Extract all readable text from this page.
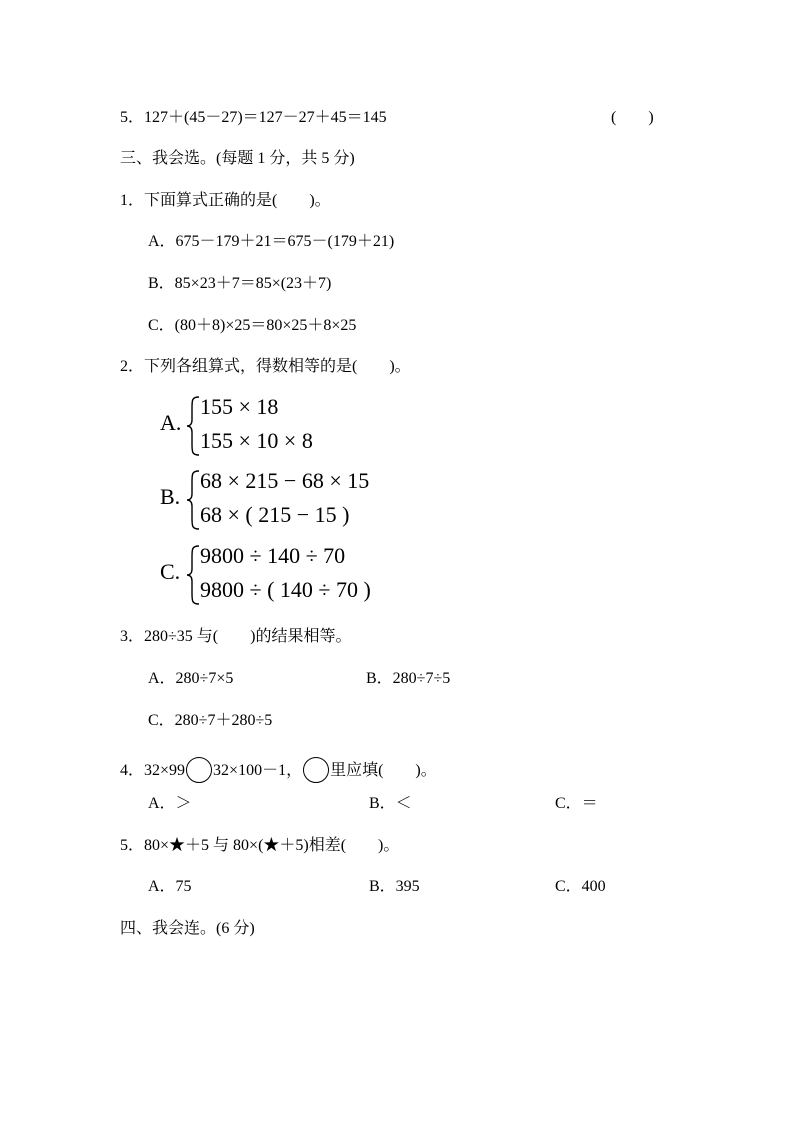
5．127＋(45－27)＝127－27＋45＝145	(　　)
三、我会选。(每题 1 分，共 5 分)
1．下面算式正确的是(　　)。
A．675－179＋21＝675－(179＋21)
B．85×23＋7＝85×(23＋7)
C．(80＋8)×25＝80×25＋8×25
2．下列各组算式，得数相等的是(　　)。
A.
155 × 18
155 × 10 × 8
B.
68 × 215 − 68 × 15
68 × ( 215 − 15 )
C.
9800 ÷ 140 ÷ 70
9800 ÷ ( 140 ÷ 70 )
3．280÷35 与(　　)的结果相等。
A．280÷7×5	B．280÷7÷5
C．280÷7＋280÷5
4．32×99 32×100－1， 里应填(　　)。
A．＞	B．＜	C．＝
5．80×★＋5 与 80×(★＋5)相差(　　)。
A．75	B．395	C．400
四、我会连。(6 分)
